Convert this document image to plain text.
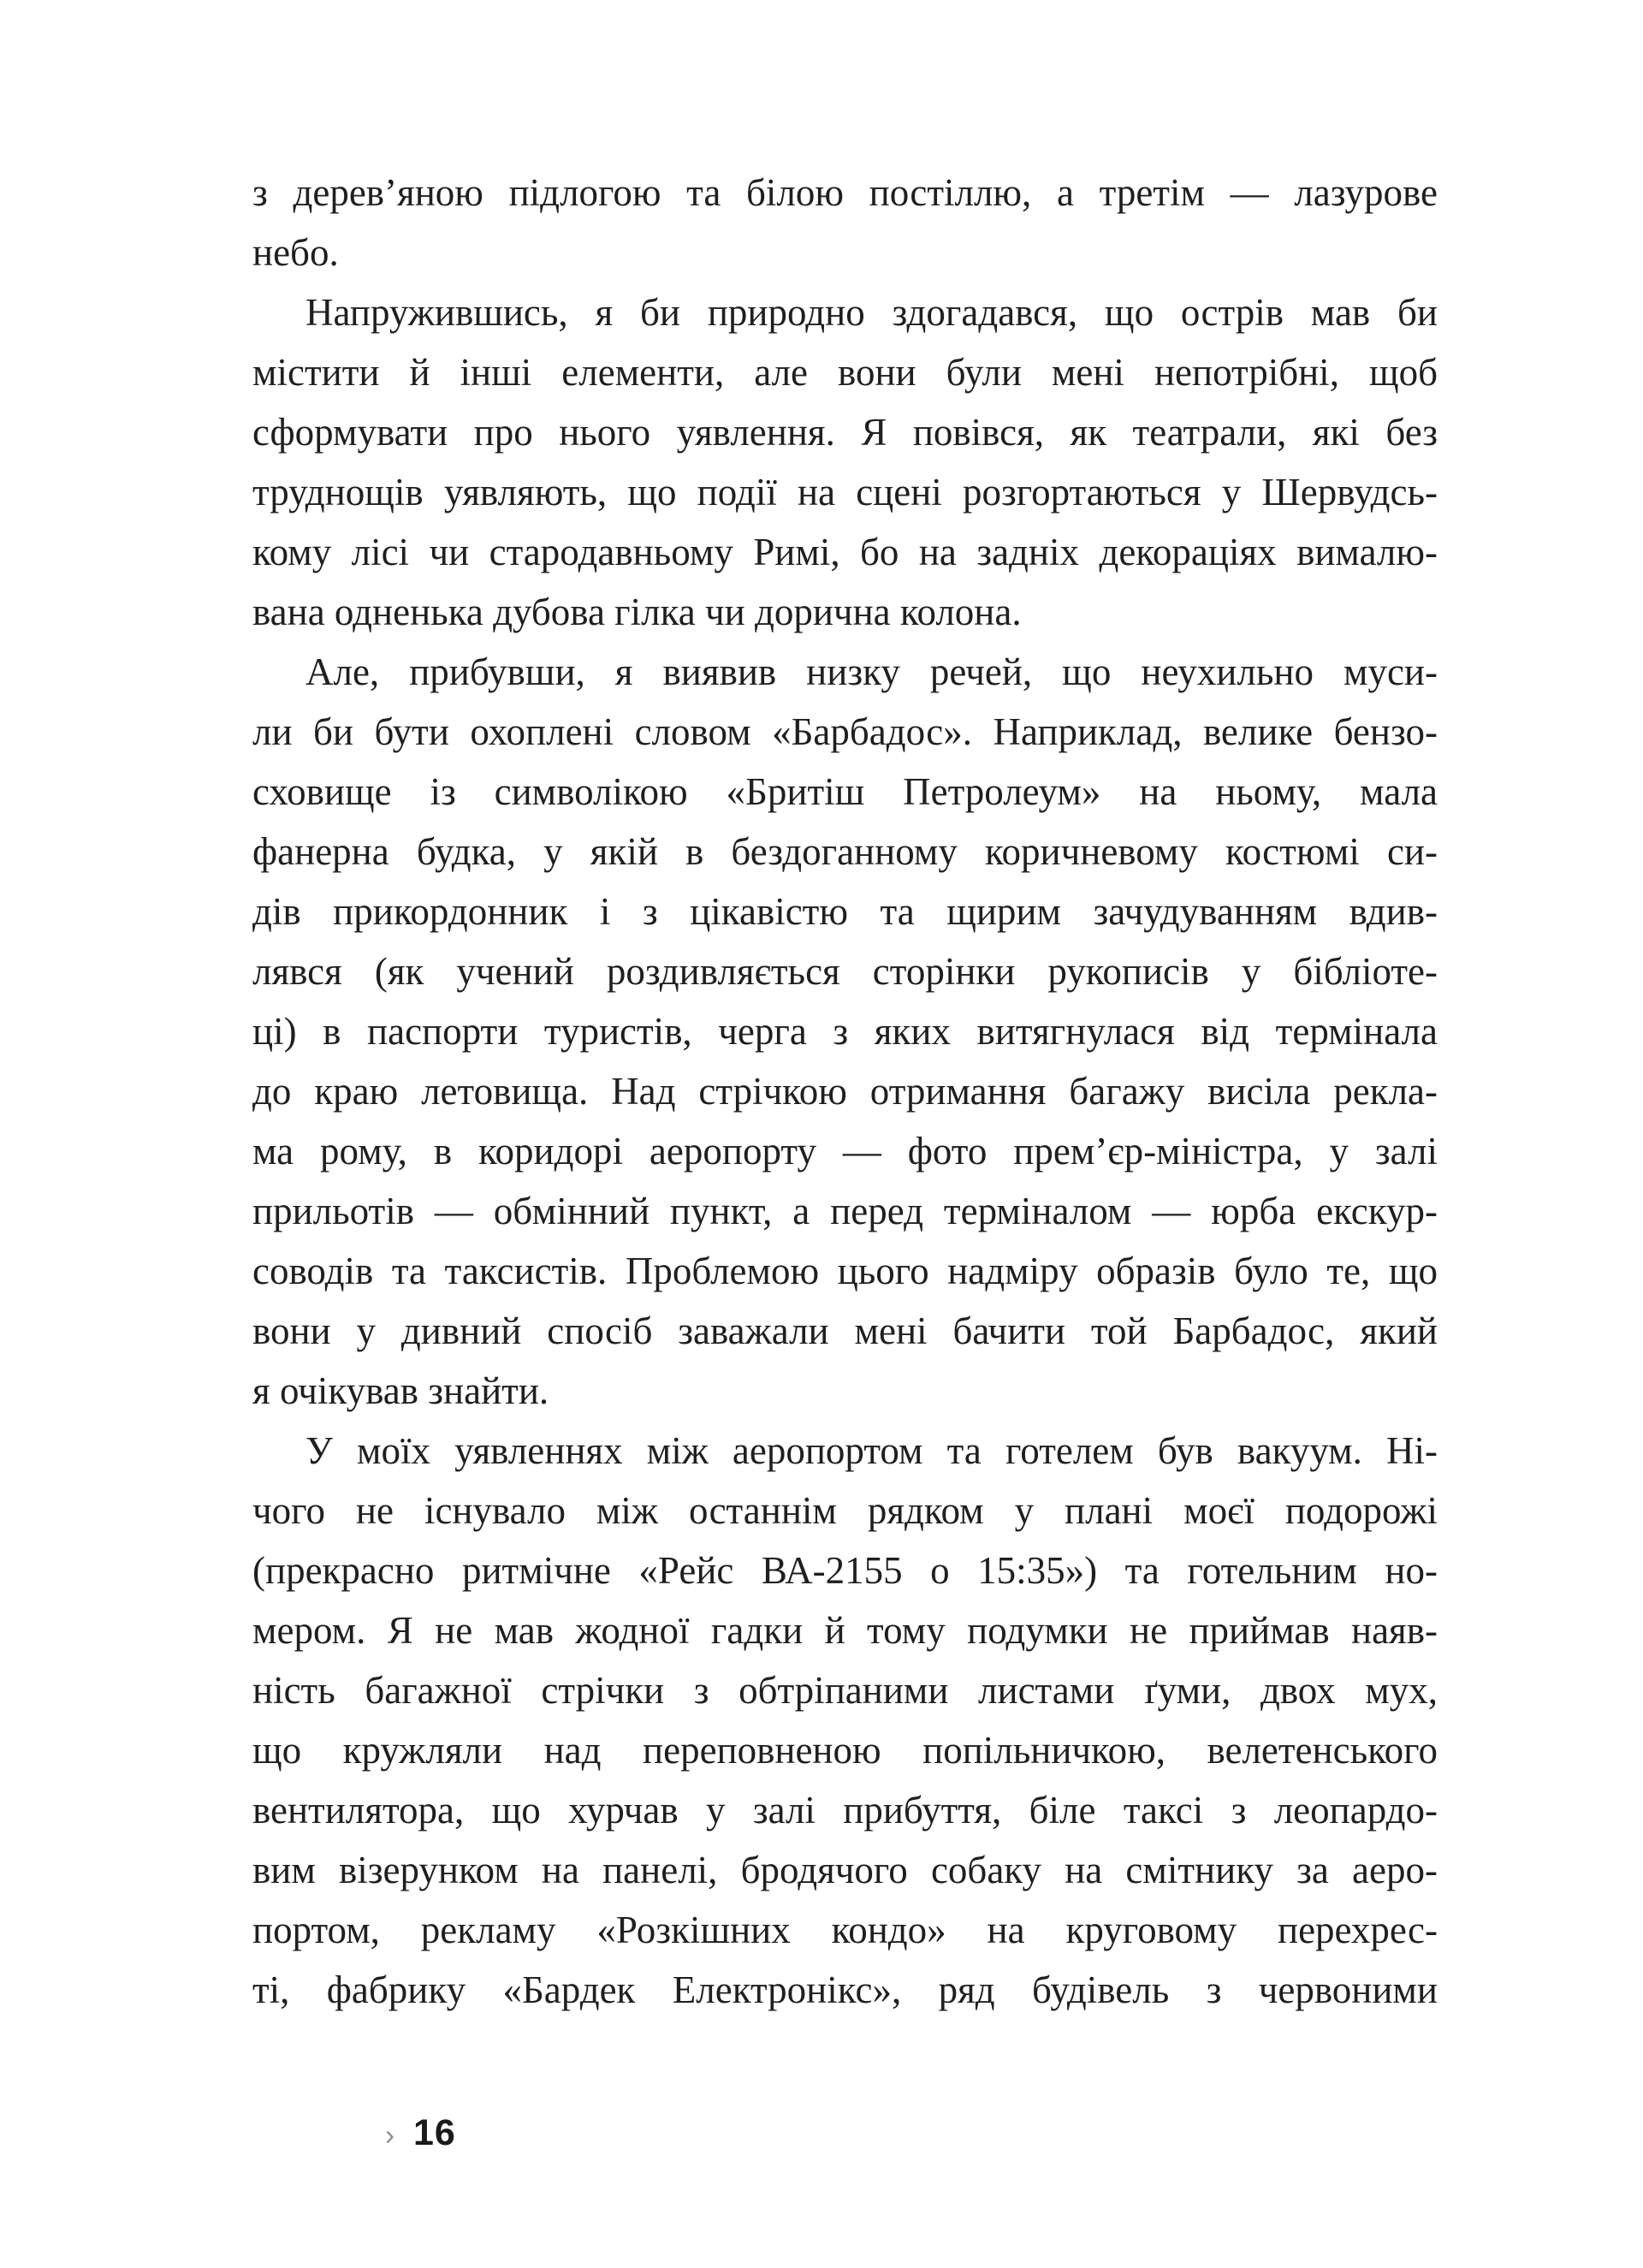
з дерев’яною підлогою та білою постіллю, а третім — лазурове
небо.
Напружившись, я би природно здогадався, що острів мав би
містити й інші елементи, але вони були мені непотрібні, щоб
сформувати про нього уявлення. Я повівся, як театрали, які без
труднощів уявляють, що події на сцені розгортаються у Шервудсь-
кому лісі чи стародавньому Римі, бо на задніх декораціях вималю-
вана одненька дубова гілка чи дорична колона.
Але, прибувши, я виявив низку речей, що неухильно муси-
ли би бути охоплені словом «Барбадос». Наприклад, велике бензо-
сховище із символікою «Бритіш Петролеум» на ньому, мала
фанерна будка, у якій в бездоганному коричневому костюмі си-
дів прикордонник і з цікавістю та щирим зачудуванням вдив-
лявся (як учений роздивляється сторінки рукописів у бібліоте-
ці) в паспорти туристів, черга з яких витягнулася від термінала
до краю летовища. Над стрічкою отримання багажу висіла рекла-
ма рому, в коридорі аеропорту — фото прем’єр-міністра, у залі
прильотів — обмінний пункт, а перед терміналом — юрба екскур-
соводів та таксистів. Проблемою цього надміру образів було те, що
вони у дивний спосіб заважали мені бачити той Барбадос, який
я очікував знайти.
У моїх уявленнях між аеропортом та готелем був вакуум. Ні-
чого не існувало між останнім рядком у плані моєї подорожі
(прекрасно ритмічне «Рейс ВА-2155 о 15:35») та готельним но-
мером. Я не мав жодної гадки й тому подумки не приймав наяв-
ність багажної стрічки з обтріпаними листами ґуми, двох мух,
що кружляли над переповненою попільничкою, велетенського
вентилятора, що хурчав у залі прибуття, біле таксі з леопардо-
вим візерунком на панелі, бродячого собаку на смітнику за аеро-
портом, рекламу «Розкішних кондо» на круговому перехрес-
ті, фабрику «Бардек Електронікс», ряд будівель з червоними
› 16
